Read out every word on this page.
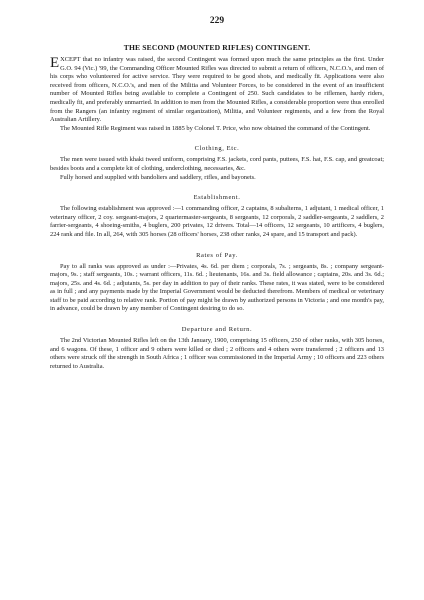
229
THE SECOND (MOUNTED RIFLES) CONTINGENT.

EXCEPT that no infantry was raised, the second Contingent was formed upon much the same principles as the first. Under G.O. 94 (Vic.) '99, the Commanding Officer Mounted Rifles was directed to submit a return of officers, N.C.O.'s, and men of his corps who volunteered for active service. They were required to be good shots, and medically fit. Applications were also received from officers, N.C.O.'s, and men of the Militia and Volunteer Forces, to be considered in the event of an insufficient number of Mounted Rifles being available to complete a Contingent of 250. Such candidates to be riflemen, hardy riders, medically fit, and preferably unmarried. In addition to men from the Mounted Rifles, a considerable proportion were thus enrolled from the Rangers (an infantry regiment of similar organization), Militia, and Volunteer regiments, and a few from the Royal Australian Artillery.

The Mounted Rifle Regiment was raised in 1885 by Colonel T. Price, who now obtained the command of the Contingent.

Clothing, Etc.

The men were issued with khaki tweed uniform, comprising F.S. jackets, cord pants, puttees, F.S. hat, F.S. cap, and greatcoat; besides boots and a complete kit of clothing, underclothing, necessaries, &c.

Fully horsed and supplied with bandoliers and saddlery, rifles, and bayonets.

Establishment.

The following establishment was approved :—1 commanding officer, 2 captains, 8 subalterns, 1 adjutant, 1 medical officer, 1 veterinary officer, 2 coy. sergeant-majors, 2 quartermaster-sergeants, 8 sergeants, 12 corporals, 2 saddler-sergeants, 2 saddlers, 2 farrier-sergeants, 4 shoeing-smiths, 4 buglers, 200 privates, 12 drivers. Total—14 officers, 12 sergeants, 10 artificers, 4 buglers, 224 rank and file. In all, 264, with 305 horses (28 officers' horses, 238 other ranks, 24 spare, and 15 transport and pack).

Rates of Pay.

Pay to all ranks was approved as under :—Privates, 4s. 6d. per diem ; corporals, 7s. ; sergeants, 8s. ; company sergeant-majors, 9s. ; staff sergeants, 10s. ; warrant officers, 11s. 6d. ; lieutenants, 16s. and 3s. field allowance ; captains, 20s. and 3s. 6d.; majors, 25s. and 4s. 6d. ; adjutants, 5s. per day in addition to pay of their ranks. These rates, it was stated, were to be considered as in full ; and any payments made by the Imperial Government would be deducted therefrom. Members of medical or veterinary staff to be paid according to relative rank. Portion of pay might be drawn by authorized persons in Victoria ; and one month's pay, in advance, could be drawn by any member of Contingent desiring to do so.

Departure and Return.

The 2nd Victorian Mounted Rifles left on the 13th January, 1900, comprising 15 officers, 250 of other ranks, with 305 horses, and 6 wagons. Of these, 1 officer and 9 others were killed or died ; 2 officers and 4 others were transferred ; 2 officers and 13 others were struck off the strength in South Africa ; 1 officer was commissioned in the Imperial Army ; 10 officers and 223 others returned to Australia.
